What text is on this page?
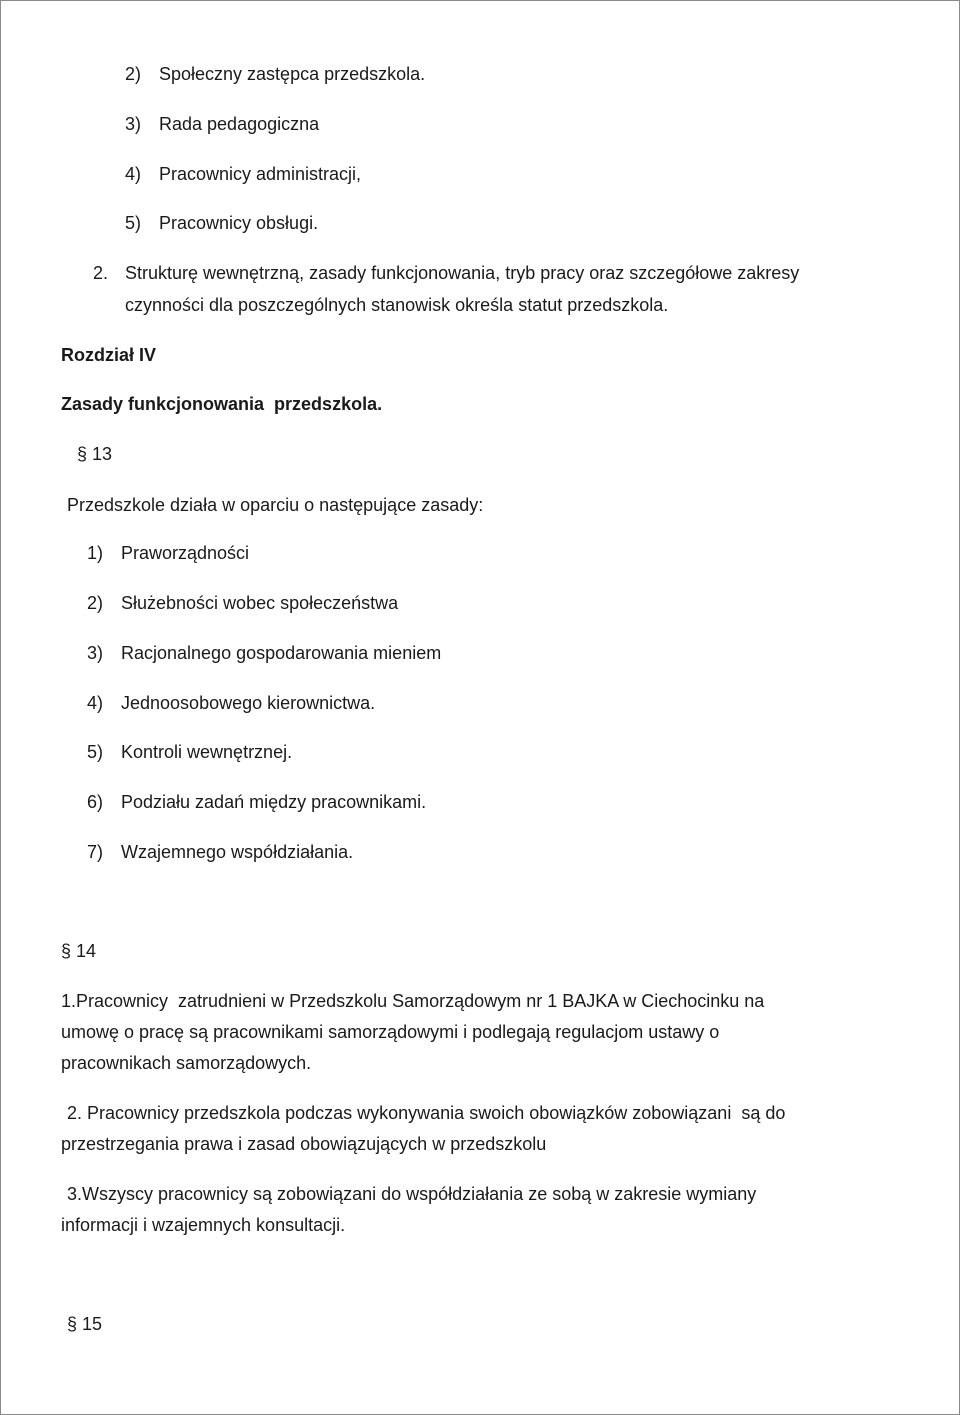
2) Społeczny zastępca przedszkola.
3) Rada pedagogiczna
4) Pracownicy administracji,
5) Pracownicy obsługi.
2. Strukturę wewnętrzną, zasady funkcjonowania, tryb pracy oraz szczegółowe zakresy
czynności dla poszczególnych stanowisk określa statut przedszkola.
Rozdział IV
Zasady funkcjonowania  przedszkola.
§ 13
Przedszkole działa w oparciu o następujące zasady:
1) Praworządności
2) Służebności wobec społeczeństwa
3) Racjonalnego gospodarowania mieniem
4) Jednoosobowego kierownictwa.
5) Kontroli wewnętrznej.
6) Podziału zadań między pracownikami.
7) Wzajemnego współdziałania.
§ 14
1.Pracownicy  zatrudnieni w Przedszkolu Samorządowym nr 1 BAJKA w Ciechocinku na
umowę o pracę są pracownikami samorządowymi i podlegają regulacjom ustawy o
pracownikach samorządowych.
2. Pracownicy przedszkola podczas wykonywania swoich obowiązków zobowiązani  są do
przestrzegania prawa i zasad obowiązujących w przedszkolu
3.Wszyscy pracownicy są zobowiązani do współdziałania ze sobą w zakresie wymiany
informacji i wzajemnych konsultacji.
§ 15
